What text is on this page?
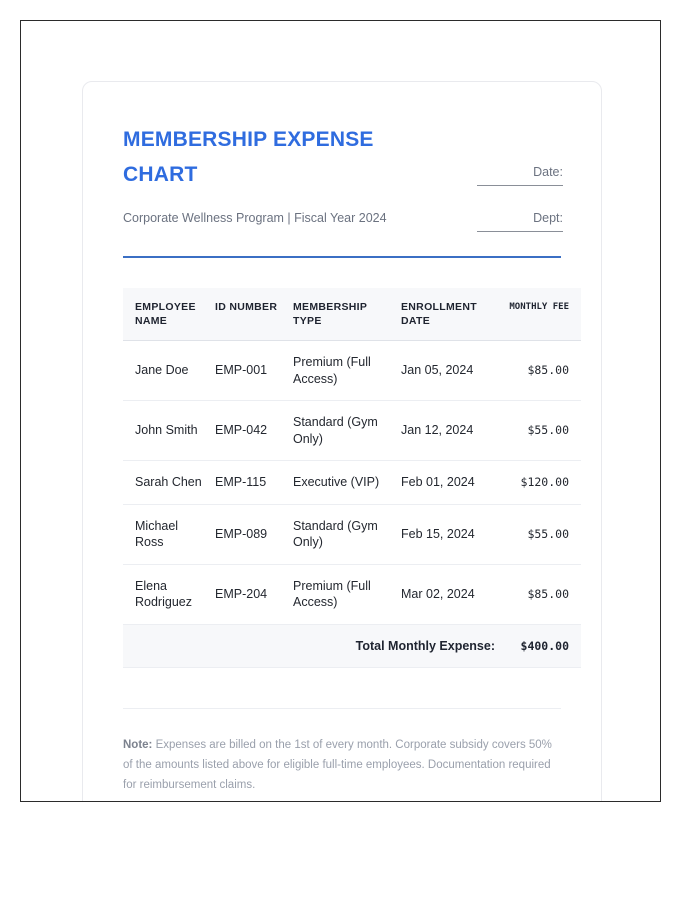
MEMBERSHIP EXPENSE CHART
Corporate Wellness Program | Fiscal Year 2024
Date:
Dept:
EMPLOYEE NAME	ID NUMBER	MEMBERSHIP TYPE	ENROLLMENT DATE	MONTHLY FEE
Jane Doe	EMP-001	Premium (Full Access)	Jan 05, 2024	$85.00
John Smith	EMP-042	Standard (Gym Only)	Jan 12, 2024	$55.00
Sarah Chen	EMP-115	Executive (VIP)	Feb 01, 2024	$120.00
Michael Ross	EMP-089	Standard (Gym Only)	Feb 15, 2024	$55.00
Elena Rodriguez	EMP-204	Premium (Full Access)	Mar 02, 2024	$85.00
Total Monthly Expense:				$400.00
Note: Expenses are billed on the 1st of every month. Corporate subsidy covers 50% of the amounts listed above for eligible full-time employees. Documentation required for reimbursement claims.
